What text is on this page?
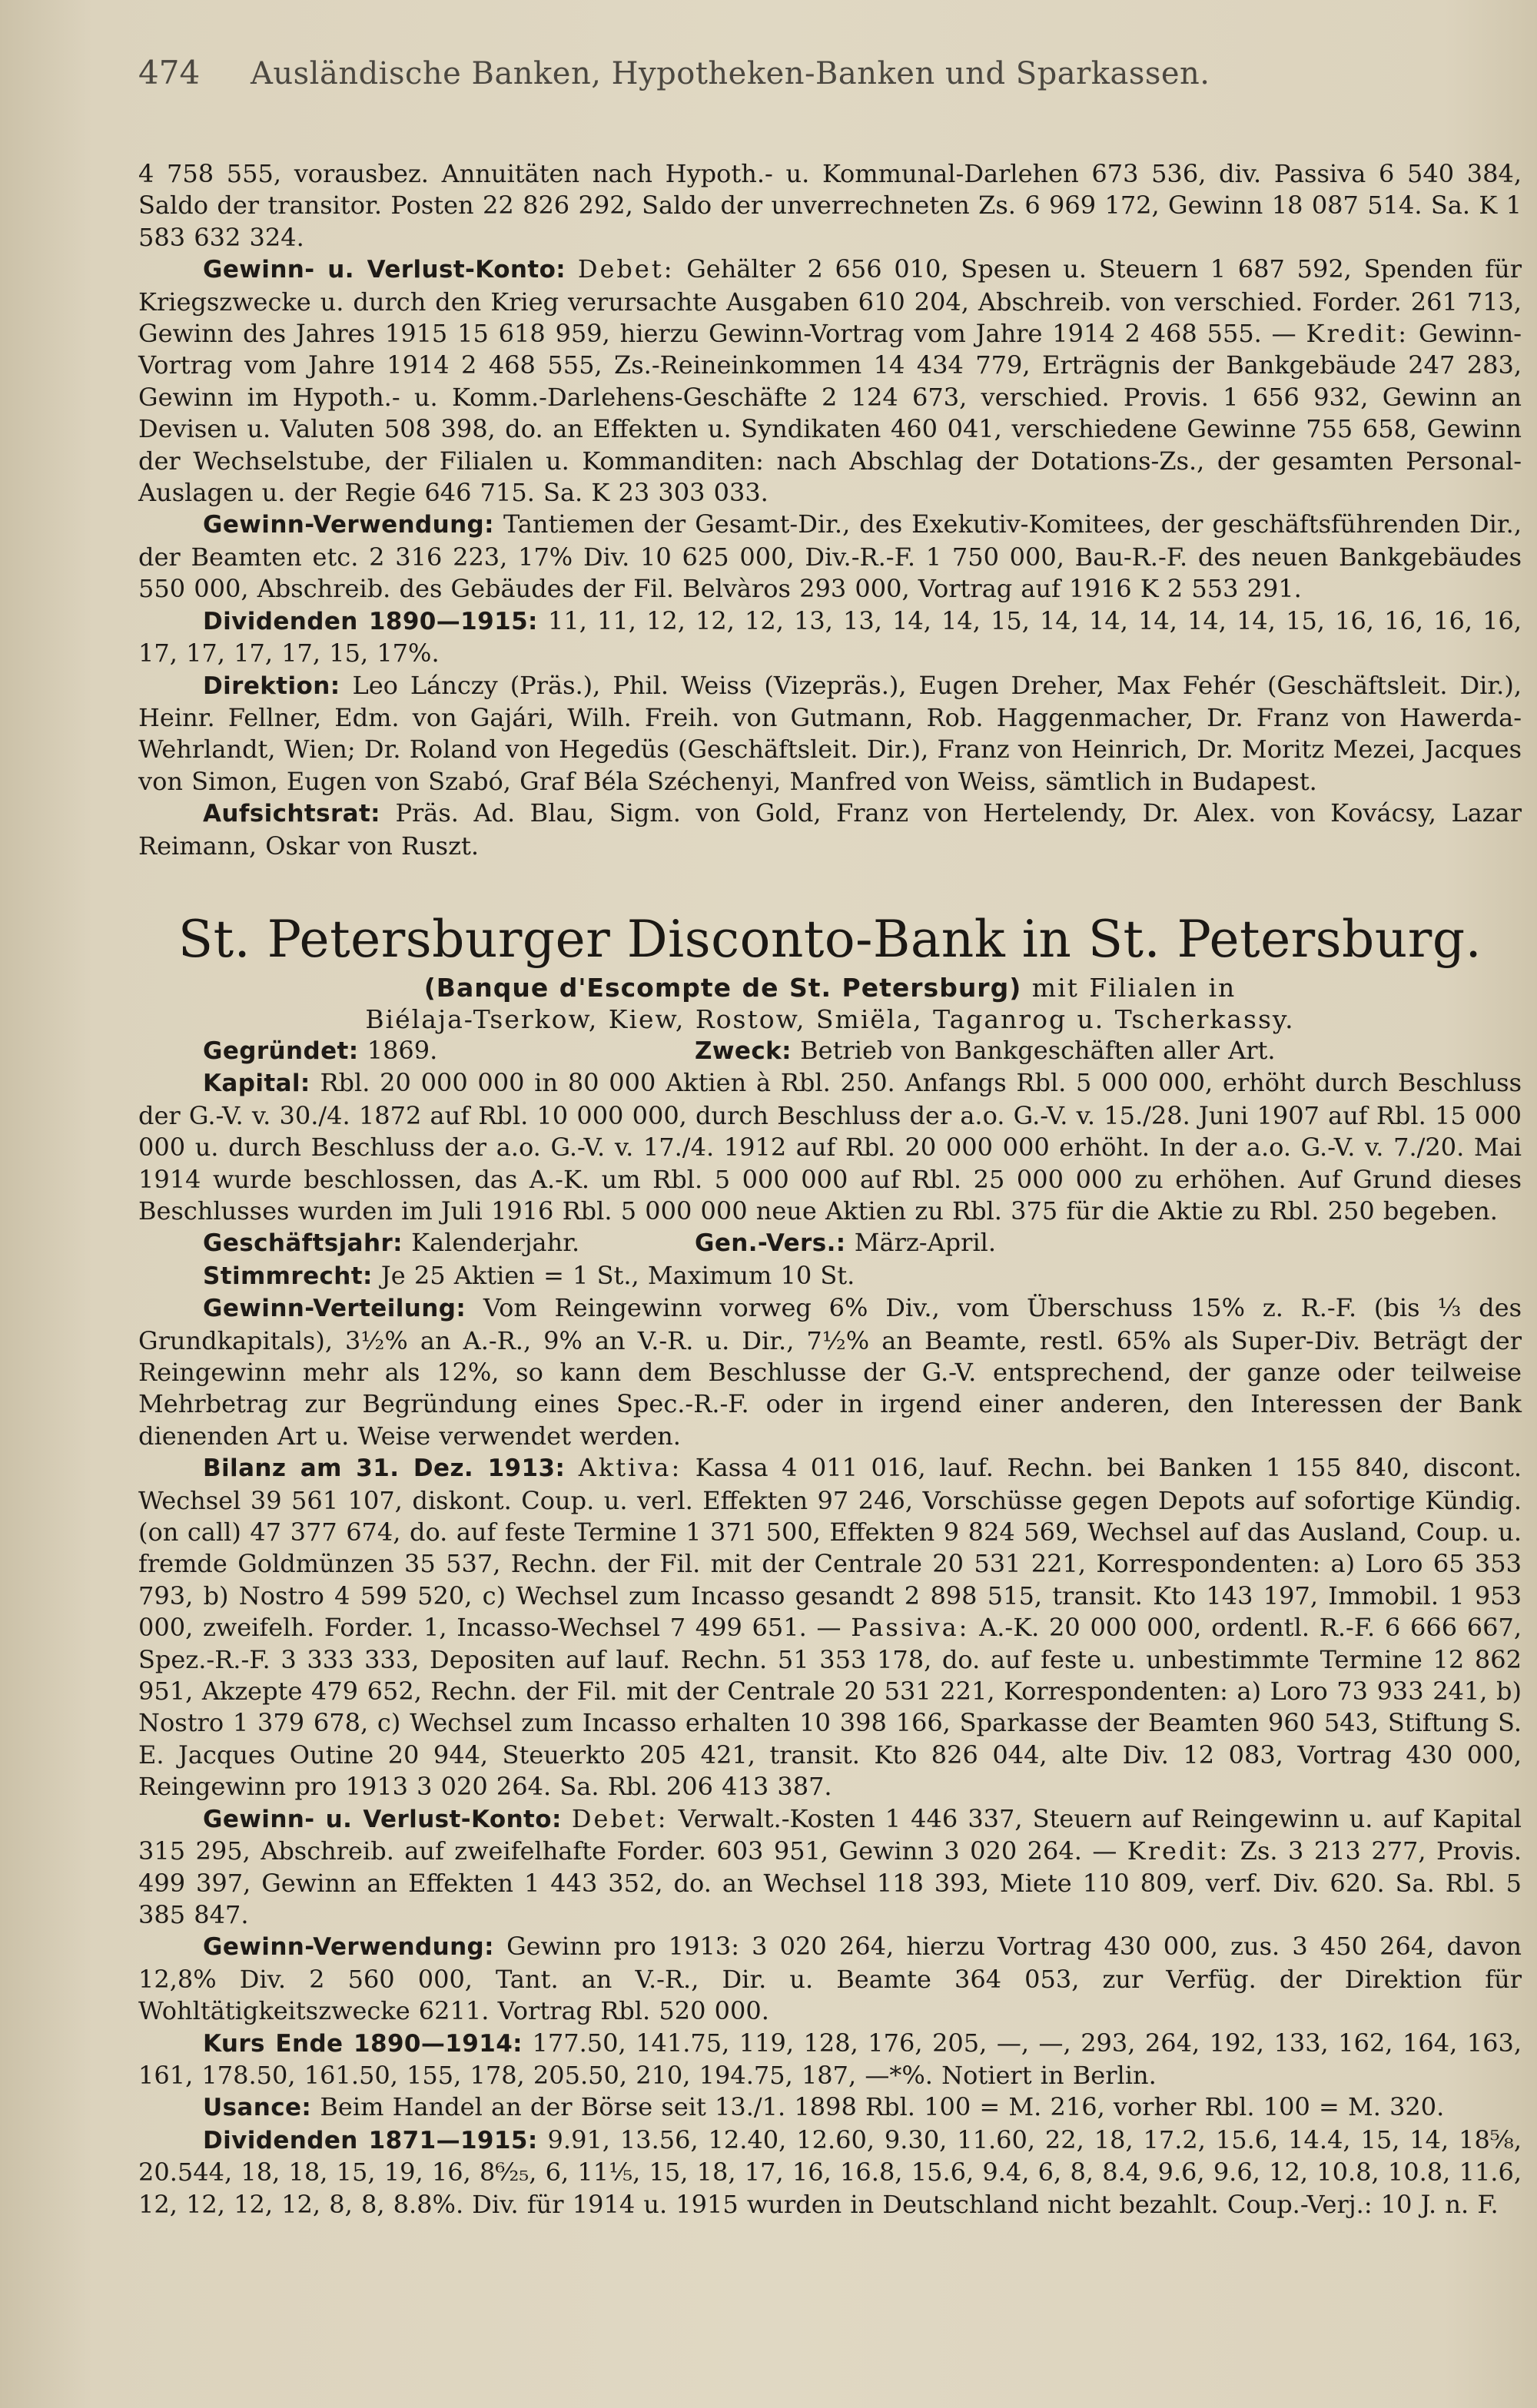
474	Ausländische Banken, Hypotheken-Banken und Sparkassen.

4 758 555, vorausbez. Annuitäten nach Hypoth.- u. Kommunal-Darlehen 673 536, div. Passiva 6 540 384, Saldo der transitor. Posten 22 826 292, Saldo der unverrechneten Zs. 6 969 172, Gewinn 18 087 514. Sa. K 1 583 632 324.

Gewinn- u. Verlust-Konto: Debet: Gehälter 2 656 010, Spesen u. Steuern 1 687 592, Spenden für Kriegszwecke u. durch den Krieg verursachte Ausgaben 610 204, Abschreib. von verschied. Forder. 261 713, Gewinn des Jahres 1915 15 618 959, hierzu Gewinn-Vortrag vom Jahre 1914 2 468 555. — Kredit: Gewinn-Vortrag vom Jahre 1914 2 468 555, Zs.-Reineinkommen 14 434 779, Erträgnis der Bankgebäude 247 283, Gewinn im Hypoth.- u. Komm.-Darlehens-Geschäfte 2 124 673, verschied. Provis. 1 656 932, Gewinn an Devisen u. Valuten 508 398, do. an Effekten u. Syndikaten 460 041, verschiedene Gewinne 755 658, Gewinn der Wechselstube, der Filialen u. Kommanditen: nach Abschlag der Dotations-Zs., der gesamten Personal-Auslagen u. der Regie 646 715. Sa. K 23 303 033.

Gewinn-Verwendung: Tantiemen der Gesamt-Dir., des Exekutiv-Komitees, der geschäftsführenden Dir., der Beamten etc. 2 316 223, 17% Div. 10 625 000, Div.-R.-F. 1 750 000, Bau-R.-F. des neuen Bankgebäudes 550 000, Abschreib. des Gebäudes der Fil. Belvàros 293 000, Vortrag auf 1916 K 2 553 291.

Dividenden 1890—1915: 11, 11, 12, 12, 12, 13, 13, 14, 14, 15, 14, 14, 14, 14, 14, 15, 16, 16, 16, 16, 17, 17, 17, 17, 15, 17%.

Direktion: Leo Lánczy (Präs.), Phil. Weiss (Vizepräs.), Eugen Dreher, Max Fehér (Geschäftsleit. Dir.), Heinr. Fellner, Edm. von Gajári, Wilh. Freih. von Gutmann, Rob. Haggenmacher, Dr. Franz von Hawerda-Wehrlandt, Wien; Dr. Roland von Hegedüs (Geschäftsleit. Dir.), Franz von Heinrich, Dr. Moritz Mezei, Jacques von Simon, Eugen von Szabó, Graf Béla Széchenyi, Manfred von Weiss, sämtlich in Budapest.

Aufsichtsrat: Präs. Ad. Blau, Sigm. von Gold, Franz von Hertelendy, Dr. Alex. von Kovácsy, Lazar Reimann, Oskar von Ruszt.

St. Petersburger Disconto-Bank in St. Petersburg.

(Banque d'Escompte de St. Petersburg) mit Filialen in

Biélaja-Tserkow, Kiew, Rostow, Smiëla, Taganrog u. Tscherkassy.

Gegründet: 1869.	Zweck: Betrieb von Bankgeschäften aller Art.

Kapital: Rbl. 20 000 000 in 80 000 Aktien à Rbl. 250. Anfangs Rbl. 5 000 000, erhöht durch Beschluss der G.-V. v. 30./4. 1872 auf Rbl. 10 000 000, durch Beschluss der a.o. G.-V. v. 15./28. Juni 1907 auf Rbl. 15 000 000 u. durch Beschluss der a.o. G.-V. v. 17./4. 1912 auf Rbl. 20 000 000 erhöht. In der a.o. G.-V. v. 7./20. Mai 1914 wurde beschlossen, das A.-K. um Rbl. 5 000 000 auf Rbl. 25 000 000 zu erhöhen. Auf Grund dieses Beschlusses wurden im Juli 1916 Rbl. 5 000 000 neue Aktien zu Rbl. 375 für die Aktie zu Rbl. 250 begeben.

Geschäftsjahr: Kalenderjahr.	Gen.-Vers.: März-April.

Stimmrecht: Je 25 Aktien = 1 St., Maximum 10 St.

Gewinn-Verteilung: Vom Reingewinn vorweg 6% Div., vom Überschuss 15% z. R.-F. (bis ⅓ des Grundkapitals), 3½% an A.-R., 9% an V.-R. u. Dir., 7½% an Beamte, restl. 65% als Super-Div. Beträgt der Reingewinn mehr als 12%, so kann dem Beschlusse der G.-V. entsprechend, der ganze oder teilweise Mehrbetrag zur Begründung eines Spec.-R.-F. oder in irgend einer anderen, den Interessen der Bank dienenden Art u. Weise verwendet werden.

Bilanz am 31. Dez. 1913: Aktiva: Kassa 4 011 016, lauf. Rechn. bei Banken 1 155 840, discont. Wechsel 39 561 107, diskont. Coup. u. verl. Effekten 97 246, Vorschüsse gegen Depots auf sofortige Kündig. (on call) 47 377 674, do. auf feste Termine 1 371 500, Effekten 9 824 569, Wechsel auf das Ausland, Coup. u. fremde Goldmünzen 35 537, Rechn. der Fil. mit der Centrale 20 531 221, Korrespondenten: a) Loro 65 353 793, b) Nostro 4 599 520, c) Wechsel zum Incasso gesandt 2 898 515, transit. Kto 143 197, Immobil. 1 953 000, zweifelh. Forder. 1, Incasso-Wechsel 7 499 651. — Passiva: A.-K. 20 000 000, ordentl. R.-F. 6 666 667, Spez.-R.-F. 3 333 333, Depositen auf lauf. Rechn. 51 353 178, do. auf feste u. unbestimmte Termine 12 862 951, Akzepte 479 652, Rechn. der Fil. mit der Centrale 20 531 221, Korrespondenten: a) Loro 73 933 241, b) Nostro 1 379 678, c) Wechsel zum Incasso erhalten 10 398 166, Sparkasse der Beamten 960 543, Stiftung S. E. Jacques Outine 20 944, Steuerkto 205 421, transit. Kto 826 044, alte Div. 12 083, Vortrag 430 000, Reingewinn pro 1913 3 020 264. Sa. Rbl. 206 413 387.

Gewinn- u. Verlust-Konto: Debet: Verwalt.-Kosten 1 446 337, Steuern auf Reingewinn u. auf Kapital 315 295, Abschreib. auf zweifelhafte Forder. 603 951, Gewinn 3 020 264. — Kredit: Zs. 3 213 277, Provis. 499 397, Gewinn an Effekten 1 443 352, do. an Wechsel 118 393, Miete 110 809, verf. Div. 620. Sa. Rbl. 5 385 847.

Gewinn-Verwendung: Gewinn pro 1913: 3 020 264, hierzu Vortrag 430 000, zus. 3 450 264, davon 12,8% Div. 2 560 000, Tant. an V.-R., Dir. u. Beamte 364 053, zur Verfüg. der Direktion für Wohltätigkeitszwecke 6211. Vortrag Rbl. 520 000.

Kurs Ende 1890—1914: 177.50, 141.75, 119, 128, 176, 205, —, —, 293, 264, 192, 133, 162, 164, 163, 161, 178.50, 161.50, 155, 178, 205.50, 210, 194.75, 187, —*%. Notiert in Berlin.

Usance: Beim Handel an der Börse seit 13./1. 1898 Rbl. 100 = M. 216, vorher Rbl. 100 = M. 320.

Dividenden 1871—1915: 9.91, 13.56, 12.40, 12.60, 9.30, 11.60, 22, 18, 17.2, 15.6, 14.4, 15, 14, 18⅝, 20.544, 18, 18, 15, 19, 16, 8⁶⁄₂₅, 6, 11⅕, 15, 18, 17, 16, 16.8, 15.6, 9.4, 6, 8, 8.4, 9.6, 9.6, 12, 10.8, 10.8, 11.6, 12, 12, 12, 12, 8, 8, 8.8%. Div. für 1914 u. 1915 wurden in Deutschland nicht bezahlt. Coup.-Verj.: 10 J. n. F.
